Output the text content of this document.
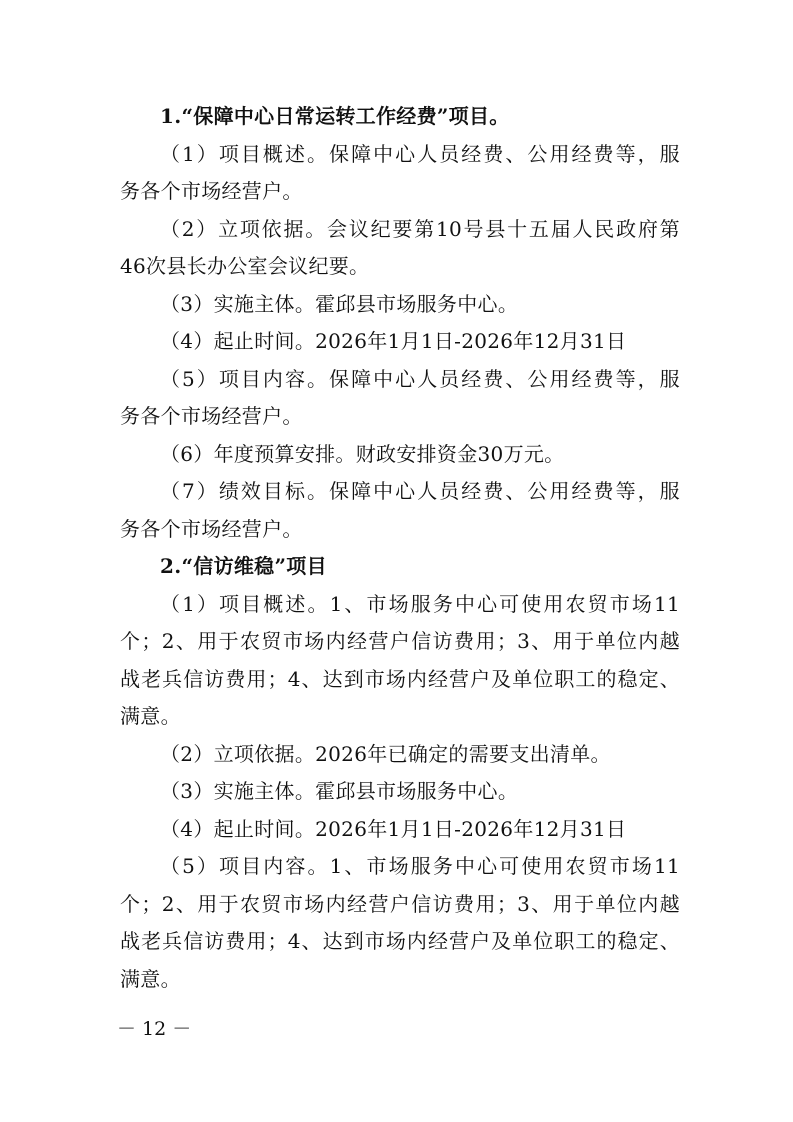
1.“保障中心日常运转工作经费”项目。
（1）项目概述。保障中心人员经费、公用经费等，服
务各个市场经营户。
（2）立项依据。会议纪要第10号县十五届人民政府第
46次县长办公室会议纪要。
（3）实施主体。霍邱县市场服务中心。
（4）起止时间。2026年1月1日-2026年12月31日
（5）项目内容。保障中心人员经费、公用经费等，服
务各个市场经营户。
（6）年度预算安排。财政安排资金30万元。
（7）绩效目标。保障中心人员经费、公用经费等，服
务各个市场经营户。
2.“信访维稳”项目
（1）项目概述。1、市场服务中心可使用农贸市场11
个；2、用于农贸市场内经营户信访费用；3、用于单位内越
战老兵信访费用；4、达到市场内经营户及单位职工的稳定、
满意。
（2）立项依据。2026年已确定的需要支出清单。
（3）实施主体。霍邱县市场服务中心。
（4）起止时间。2026年1月1日-2026年12月31日
（5）项目内容。1、市场服务中心可使用农贸市场11
个；2、用于农贸市场内经营户信访费用；3、用于单位内越
战老兵信访费用；4、达到市场内经营户及单位职工的稳定、
满意。
－ 12 －
